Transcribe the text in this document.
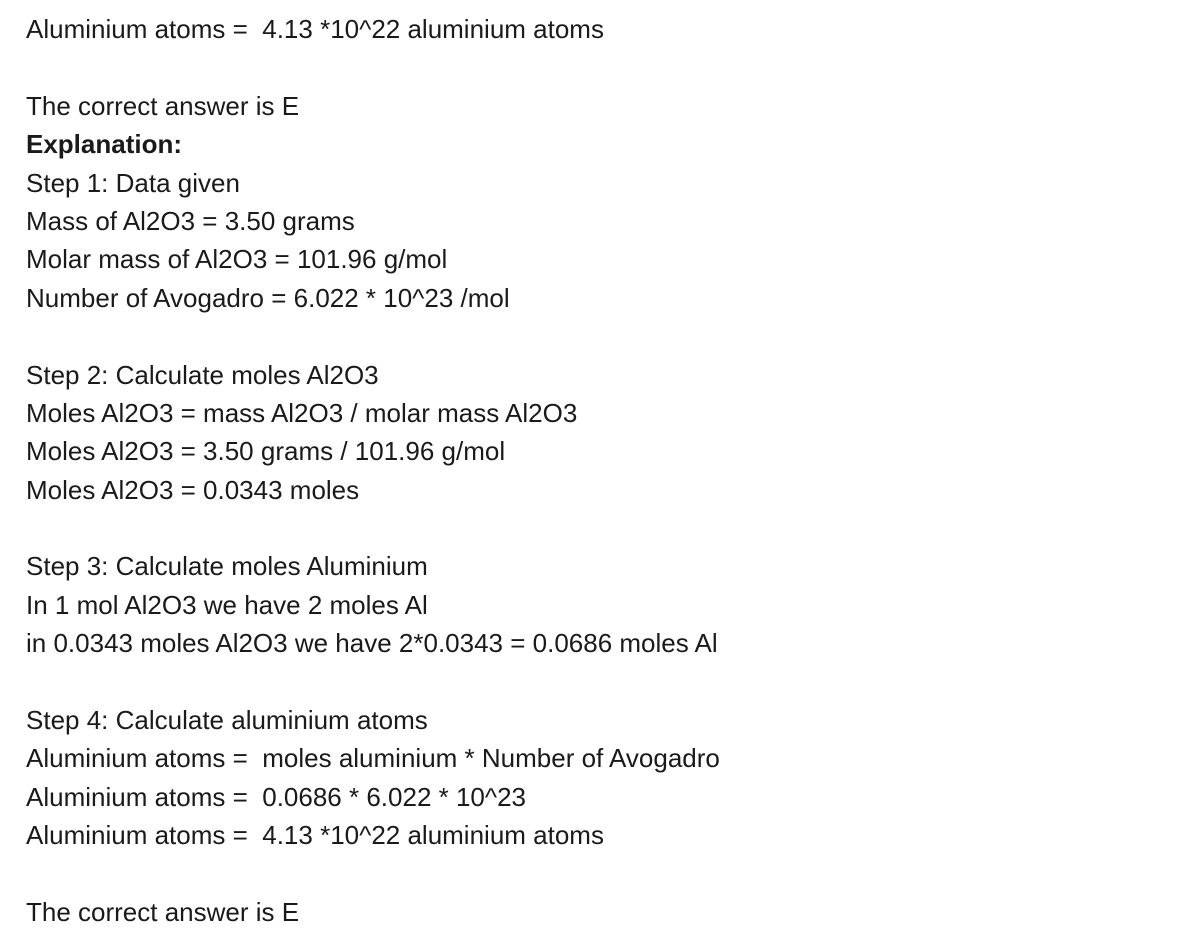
Aluminium atoms =  4.13 *10^22 aluminium atoms
The correct answer is E
Explanation:
Step 1: Data given
Mass of Al2O3 = 3.50 grams
Molar mass of Al2O3 = 101.96 g/mol
Number of Avogadro = 6.022 * 10^23 /mol
Step 2: Calculate moles Al2O3
Moles Al2O3 = mass Al2O3 / molar mass Al2O3
Moles Al2O3 = 3.50 grams / 101.96 g/mol
Moles Al2O3 = 0.0343 moles
Step 3: Calculate moles Aluminium
In 1 mol Al2O3 we have 2 moles Al
in 0.0343 moles Al2O3 we have 2*0.0343 = 0.0686 moles Al
Step 4: Calculate aluminium atoms
Aluminium atoms =  moles aluminium * Number of Avogadro
Aluminium atoms =  0.0686 * 6.022 * 10^23
Aluminium atoms =  4.13 *10^22 aluminium atoms
The correct answer is E
